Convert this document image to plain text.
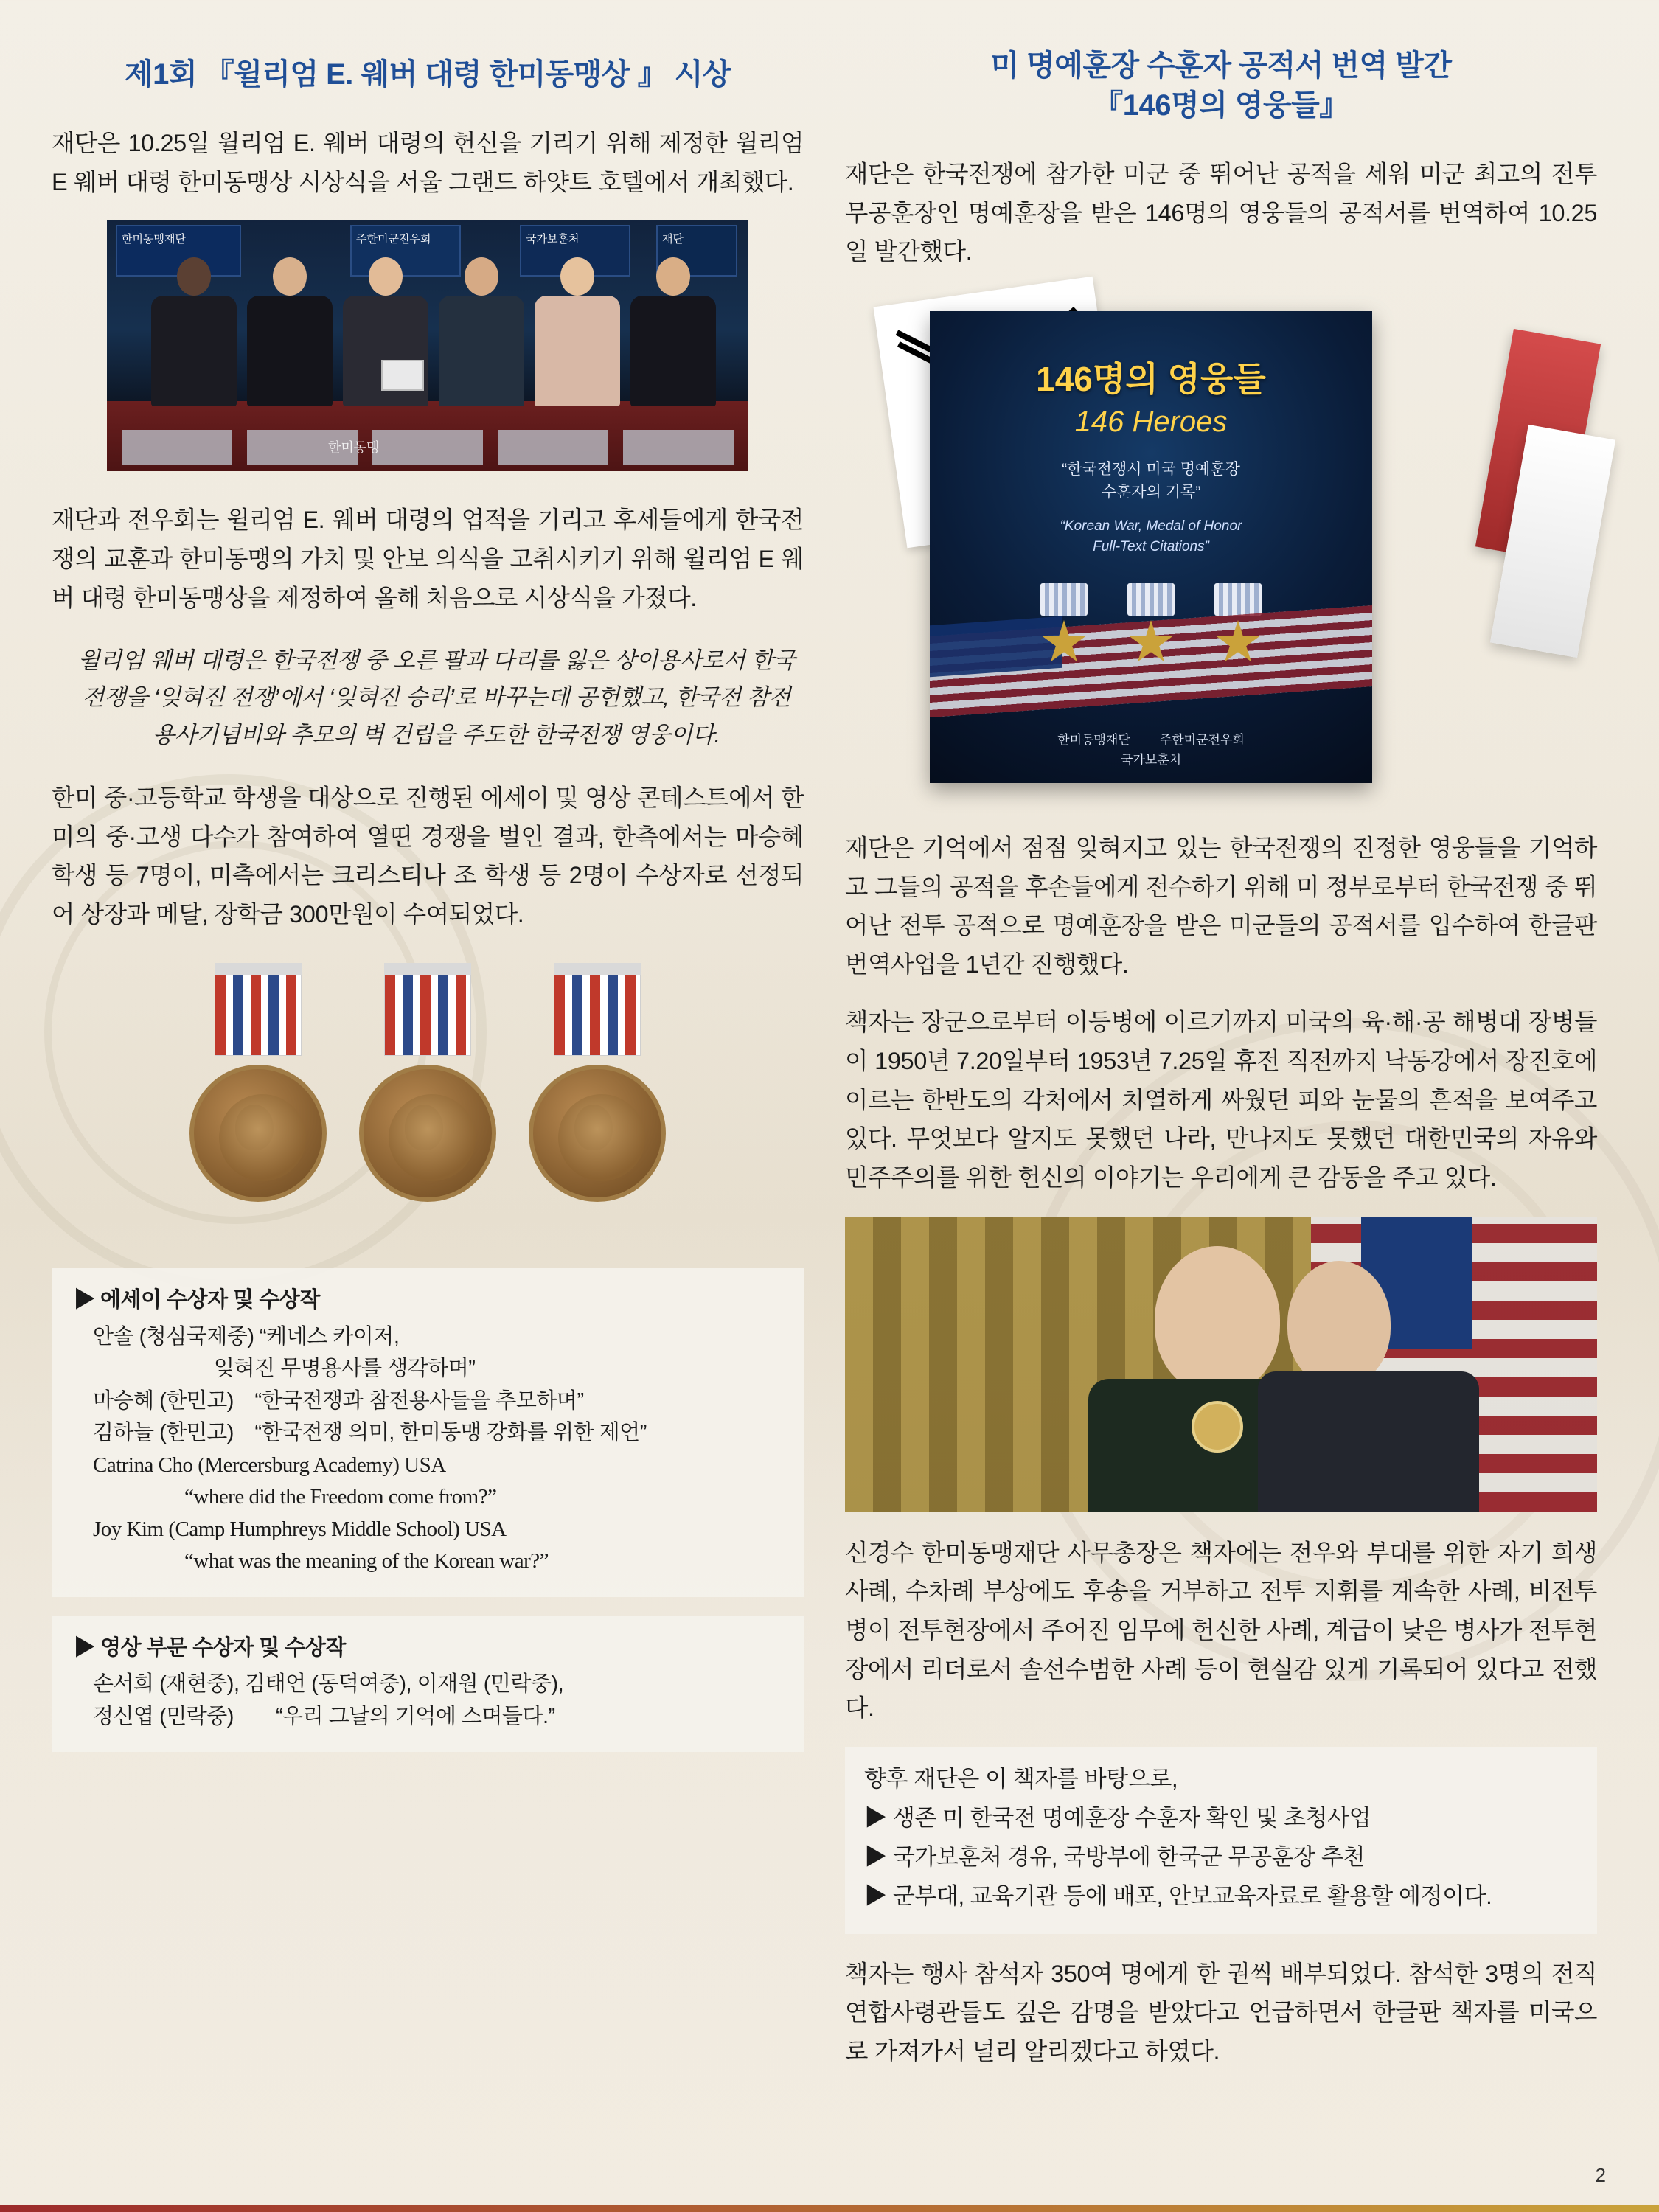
제1회 『윌리엄 E. 웨버 대령 한미동맹상 』 시상

재단은 10.25일 윌리엄 E. 웨버 대령의 헌신을 기리기 위해 제정한 윌리엄 E 웨버 대령 한미동맹상 시상식을 서울 그랜드 하얏트 호텔에서 개최했다.

한미동맹재단	주한미군전우회	국가보훈처	재단
한미동맹

재단과 전우회는 윌리엄 E. 웨버 대령의 업적을 기리고 후세들에게 한국전쟁의 교훈과 한미동맹의 가치 및 안보 의식을 고취시키기 위해 윌리엄 E 웨버 대령 한미동맹상을 제정하여 올해 처음으로 시상식을 가졌다.

윌리엄 웨버 대령은 한국전쟁 중 오른 팔과 다리를 잃은 상이용사로서 한국전쟁을 ‘잊혀진 전쟁’에서 ‘잊혀진 승리’로 바꾸는데 공헌했고, 한국전 참전용사기념비와 추모의 벽 건립을 주도한 한국전쟁 영웅이다.

한미 중·고등학교 학생을 대상으로 진행된 에세이 및 영상 콘테스트에서 한미의 중·고생 다수가 참여하여 열띤 경쟁을 벌인 결과, 한측에서는 마승혜 학생 등 7명이, 미측에서는 크리스티나 조 학생 등 2명이 수상자로 선정되어 상장과 메달, 장학금 300만원이 수여되었다.

▶ 에세이 수상자 및 수상작
안솔 (청심국제중) “케네스 카이저,
잊혀진 무명용사를 생각하며”
마승혜 (한민고)　“한국전쟁과 참전용사들을 추모하며”
김하늘 (한민고)　“한국전쟁 의미, 한미동맹 강화를 위한 제언”
Catrina Cho (Mercersburg Academy) USA
“where did the Freedom come from?”
Joy Kim (Camp Humphreys Middle School) USA
“what was the meaning of the Korean war?”
▶ 영상 부문 수상자 및 수상작
손서희 (재현중), 김태언 (동덕여중), 이재원 (민락중),
정신엽 (민락중)　　“우리 그날의 기억에 스며들다.”
미 명예훈장 수훈자 공적서 번역 발간
『146명의 영웅들』

재단은 한국전쟁에 참가한 미군 중 뛰어난 공적을 세워 미군 최고의 전투 무공훈장인 명예훈장을 받은 146명의 영웅들의 공적서를 번역하여 10.25일 발간했다.

146명의 영웅들
146 Heroes
“한국전쟁시 미국 명예훈장
수훈자의 기록”
“Korean War, Medal of Honor
Full-Text Citations”
한미동맹재단 주한미군전우회
국가보훈처

재단은 기억에서 점점 잊혀지고 있는 한국전쟁의 진정한 영웅들을 기억하고 그들의 공적을 후손들에게 전수하기 위해 미 정부로부터 한국전쟁 중 뛰어난 전투 공적으로 명예훈장을 받은 미군들의 공적서를 입수하여 한글판 번역사업을 1년간 진행했다.

책자는 장군으로부터 이등병에 이르기까지 미국의 육·해·공 해병대 장병들이 1950년 7.20일부터 1953년 7.25일 휴전 직전까지 낙동강에서 장진호에 이르는 한반도의 각처에서 치열하게 싸웠던 피와 눈물의 흔적을 보여주고 있다. 무엇보다 알지도 못했던 나라, 만나지도 못했던 대한민국의 자유와 민주주의를 위한 헌신의 이야기는 우리에게 큰 감동을 주고 있다.

신경수 한미동맹재단 사무총장은 책자에는 전우와 부대를 위한 자기 희생 사례, 수차례 부상에도 후송을 거부하고 전투 지휘를 계속한 사례, 비전투병이 전투현장에서 주어진 임무에 헌신한 사례, 계급이 낮은 병사가 전투현장에서 리더로서 솔선수범한 사례 등이 현실감 있게 기록되어 있다고 전했다.

향후 재단은 이 책자를 바탕으로,
▶ 생존 미 한국전 명예훈장 수훈자 확인 및 초청사업
▶ 국가보훈처 경유, 국방부에 한국군 무공훈장 추천
▶ 군부대, 교육기관 등에 배포, 안보교육자료로 활용할 예정이다.

책자는 행사 참석자 350여 명에게 한 권씩 배부되었다. 참석한 3명의 전직 연합사령관들도 깊은 감명을 받았다고 언급하면서 한글판 책자를 미국으로 가져가서 널리 알리겠다고 하였다.

2
